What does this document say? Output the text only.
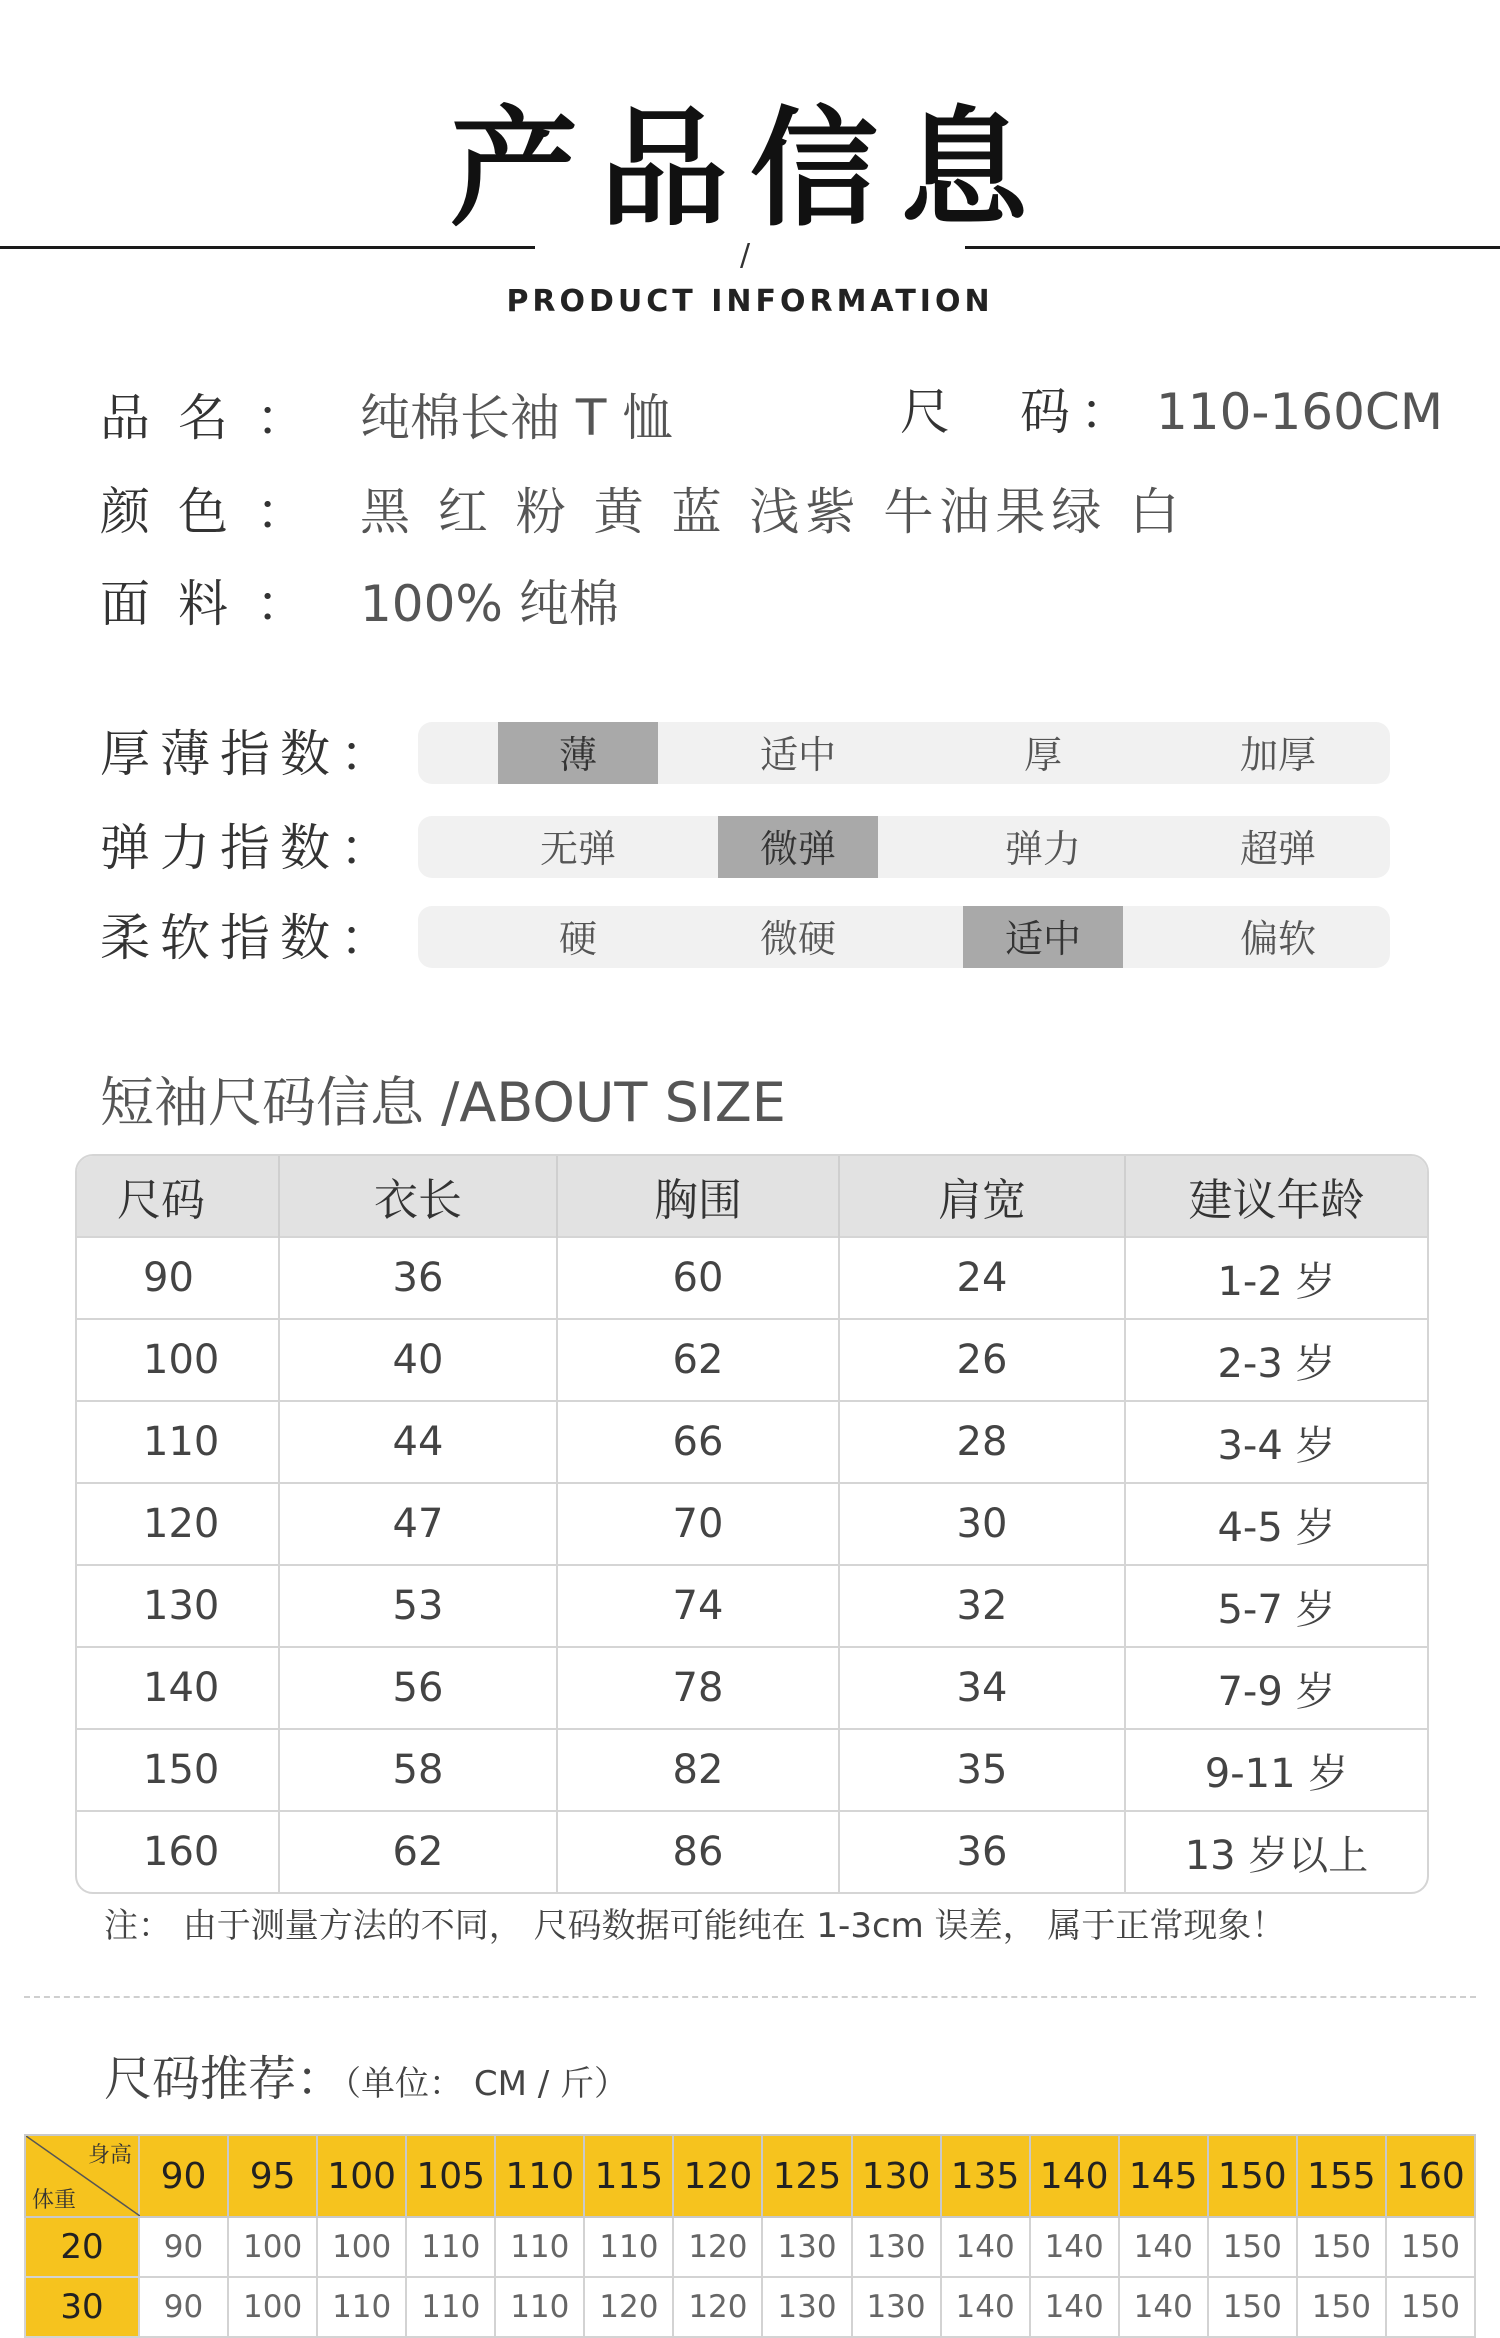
产品信息
/
PRODUCT INFORMATION
品名： 纯棉长袖 T 恤	尺　码： 110-160CM
颜色： 黑 红 粉 黄 蓝 浅紫 牛油果绿 白
面料： 100% 纯棉
厚薄指数：	薄	适中	厚	加厚
弹力指数：	无弹	微弹	弹力	超弹
柔软指数：	硬	微硬	适中	偏软
短袖尺码信息 /ABOUT SIZE
尺码	衣长	胸围	肩宽	建议年龄
90	36	60	24	1-2 岁
100	40	62	26	2-3 岁
110	44	66	28	3-4 岁
120	47	70	30	4-5 岁
130	53	74	32	5-7 岁
140	56	78	34	7-9 岁
150	58	82	35	9-11 岁
160	62	86	36	13 岁以上
注： 由于测量方法的不同， 尺码数据可能纯在 1-3cm 误差， 属于正常现象！
尺码推荐：（单位： CM / 斤）
身高
体重	90	95	100	105	110	115	120	125	130	135	140	145	150	155	160
20	90	100	100	110	110	110	120	130	130	140	140	140	150	150	150
30	90	100	110	110	110	120	120	130	130	140	140	140	150	150	150
